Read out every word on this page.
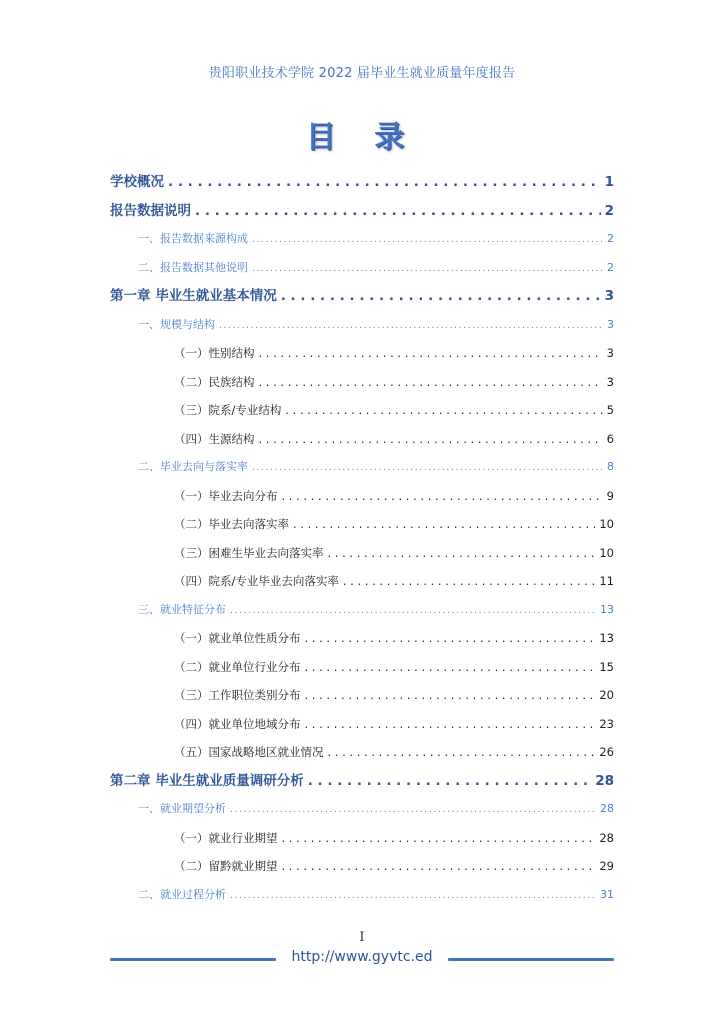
贵阳职业技术学院 2022 届毕业生就业质量年度报告
目 录
学校概况 . . .	1
报告数据说明 . . .	2
一、报告数据来源构成 . . .	2
二、报告数据其他说明 . . .	2
第一章 毕业生就业基本情况 . . .	3
一、规模与结构 . . .	3
（一）性别结构 . . .	3
（二）民族结构 . . .	3
（三）院系/专业结构 . . .	5
（四）生源结构 . . .	6
二、毕业去向与落实率 . . .	8
（一）毕业去向分布 . . .	9
（二）毕业去向落实率 . . .	10
（三）困难生毕业去向落实率 . . .	10
（四）院系/专业毕业去向落实率 . . .	11
三、就业特征分布 . . .	13
（一）就业单位性质分布 . . .	13
（二）就业单位行业分布 . . .	15
（三）工作职位类别分布 . . .	20
（四）就业单位地域分布 . . .	23
（五）国家战略地区就业情况 . . .	26
第二章 毕业生就业质量调研分析 . . .	28
一、就业期望分析 . . .	28
（一）就业行业期望 . . .	28
（二）留黔就业期望 . . .	29
二、就业过程分析 . . .	31
I
http://www.gyvtc.ed
